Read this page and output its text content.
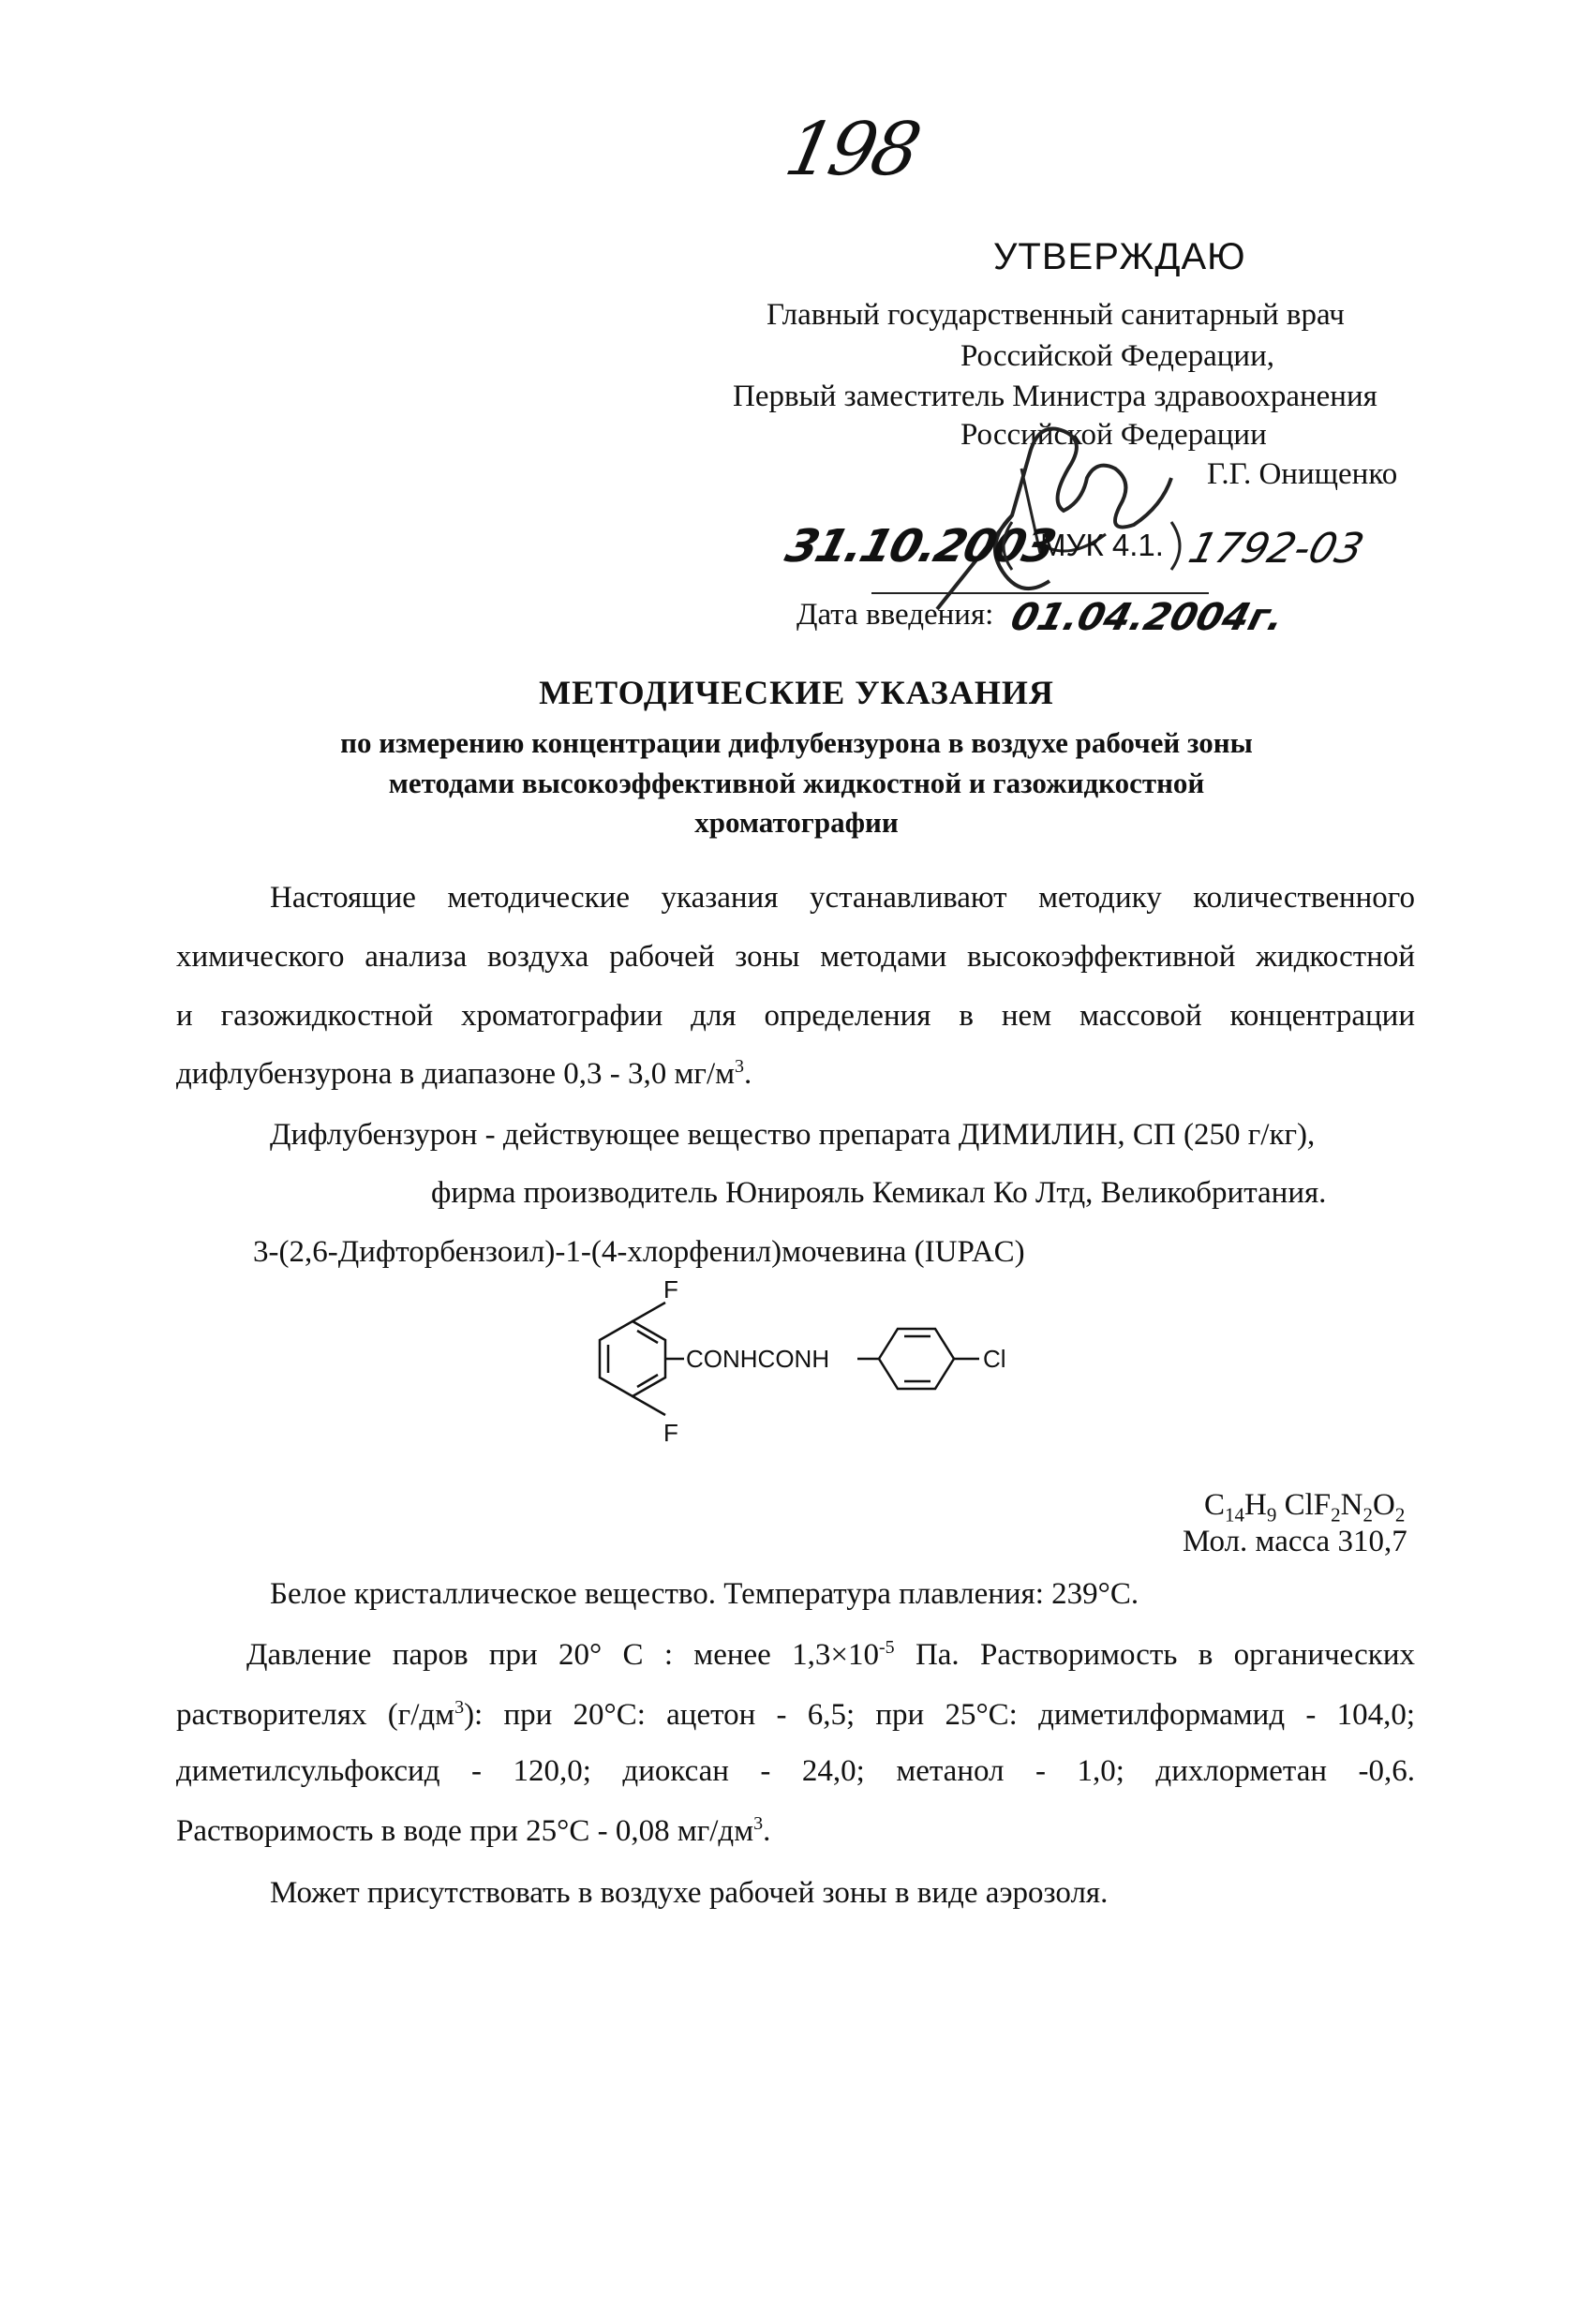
198
УТВЕРЖДАЮ
Главный государственный санитарный врач
Российской Федерации,
Первый заместитель Министра здравоохранения
Российской Федерации
Г.Г. Онищенко
31.10.2003
МУК 4.1. 1792-03
Дата введения: 01.04.2004г.
МЕТОДИЧЕСКИЕ УКАЗАНИЯ
по измерению концентрации дифлубензурона в воздухе рабочей зоны
методами высокоэффективной жидкостной и газожидкостной
хроматографии
Настоящие методические указания устанавливают методику количественного
химического анализа воздуха рабочей зоны методами высокоэффективной жидкостной
и газожидкостной хроматографии для определения в нем массовой концентрации
дифлубензурона в диапазоне 0,3 - 3,0 $мг/м^3$.
Дифлубензурон - действующее вещество препарата ДИМИЛИН, СП (250 г/кг),
фирма производитель Юнирояль Кемикал Ко Лтд, Великобритания.
3-(2,6-Дифторбензоил)-1-(4-хлорфенил)мочевина (IUPAC)
F
F
CONHCONH	Cl
$C_{14}H_9$ $ClF_2N_2O_2$
Мол. масса 310,7
Белое кристаллическое вещество. Температура плавления: 239°С.
Давление паров при 20° С : менее $1,3\times 10^{-5}$ Па. Растворимость в органических
растворителях $(г/дм^3)$: при 20°С: ацетон - 6,5; при 25°С: диметилформамид - 104,0;
диметилсульфоксид - 120,0; диоксан - 24,0; метанол - 1,0; дихлорметан -0,6.
Растворимость в воде при 25°С - 0,08 $мг/дм^3$.
Может присутствовать в воздухе рабочей зоны в виде аэрозоля.
